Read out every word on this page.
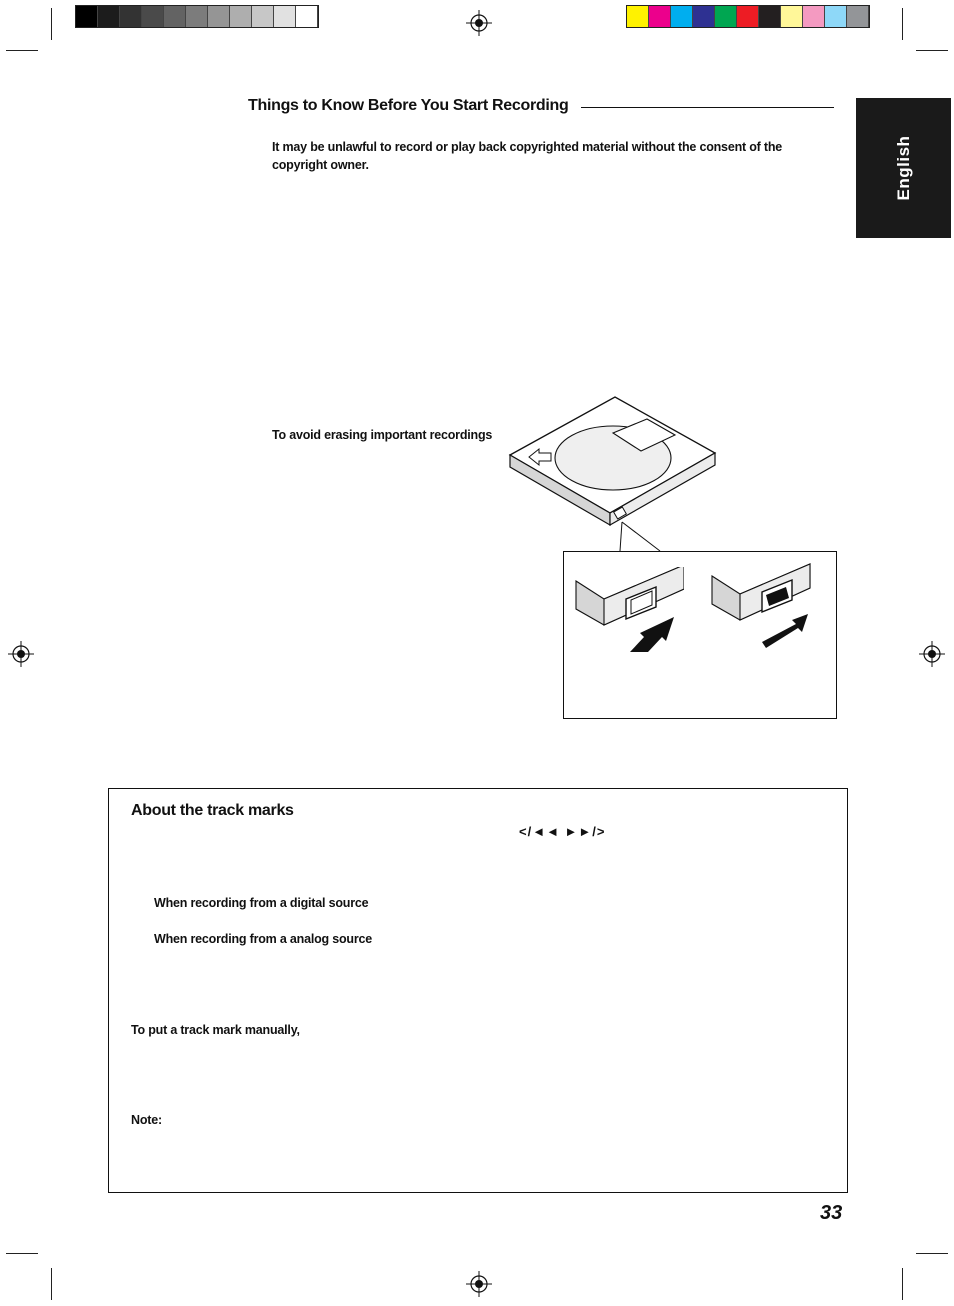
English
Things to Know Before You Start Recording
It may be unlawful to record or play back copyrighted material without the consent of the copyright owner.
To avoid erasing important recordings
About the track marks
</◄◄ ►►/>
When recording from a digital source
When recording from a analog source
To put a track mark manually,
Note:
33
